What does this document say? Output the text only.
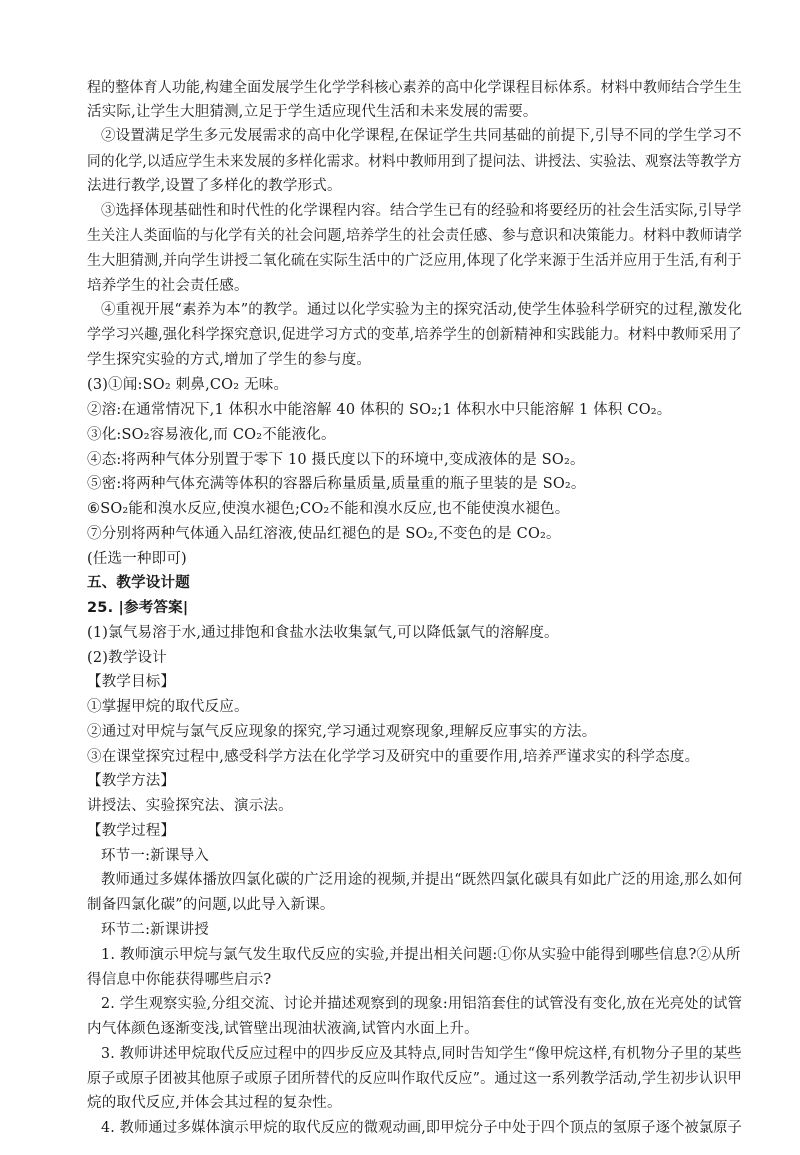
程的整体育人功能,构建全面发展学生化学学科核心素养的高中化学课程目标体系。材料中教师结合学生生
活实际,让学生大胆猜测,立足于学生适应现代生活和未来发展的需要。
②设置满足学生多元发展需求的高中化学课程,在保证学生共同基础的前提下,引导不同的学生学习不
同的化学,以适应学生未来发展的多样化需求。材料中教师用到了提问法、讲授法、实验法、观察法等教学方
法进行教学,设置了多样化的教学形式。
③选择体现基础性和时代性的化学课程内容。结合学生已有的经验和将要经历的社会生活实际,引导学
生关注人类面临的与化学有关的社会问题,培养学生的社会责任感、参与意识和决策能力。材料中教师请学
生大胆猜测,并向学生讲授二氧化硫在实际生活中的广泛应用,体现了化学来源于生活并应用于生活,有利于
培养学生的社会责任感。
④重视开展“素养为本”的教学。通过以化学实验为主的探究活动,使学生体验科学研究的过程,激发化
学学习兴趣,强化科学探究意识,促进学习方式的变革,培养学生的创新精神和实践能力。材料中教师采用了
学生探究实验的方式,增加了学生的参与度。
(3)①闻:SO₂ 刺鼻,CO₂ 无味。
②溶:在通常情况下,1 体积水中能溶解 40 体积的 SO₂;1 体积水中只能溶解 1 体积 CO₂。
③化:SO₂容易液化,而 CO₂不能液化。
④态:将两种气体分别置于零下 10 摄氏度以下的环境中,变成液体的是 SO₂。
⑤密:将两种气体充满等体积的容器后称量质量,质量重的瓶子里装的是 SO₂。
⑥SO₂能和溴水反应,使溴水褪色;CO₂不能和溴水反应,也不能使溴水褪色。
⑦分别将两种气体通入品红溶液,使品红褪色的是 SO₂,不变色的是 CO₂。
(任选一种即可)
五、教学设计题
25. |参考答案|
(1)氯气易溶于水,通过排饱和食盐水法收集氯气,可以降低氯气的溶解度。
(2)教学设计
【教学目标】
①掌握甲烷的取代反应。
②通过对甲烷与氯气反应现象的探究,学习通过观察现象,理解反应事实的方法。
③在课堂探究过程中,感受科学方法在化学学习及研究中的重要作用,培养严谨求实的科学态度。
【教学方法】
讲授法、实验探究法、演示法。
【教学过程】
环节一:新课导入
教师通过多媒体播放四氯化碳的广泛用途的视频,并提出“既然四氯化碳具有如此广泛的用途,那么如何
制备四氯化碳”的问题,以此导入新课。
环节二:新课讲授
1. 教师演示甲烷与氯气发生取代反应的实验,并提出相关问题:①你从实验中能得到哪些信息?②从所
得信息中你能获得哪些启示?
2. 学生观察实验,分组交流、讨论并描述观察到的现象:用铝箔套住的试管没有变化,放在光亮处的试管
内气体颜色逐渐变浅,试管壁出现油状液滴,试管内水面上升。
3. 教师讲述甲烷取代反应过程中的四步反应及其特点,同时告知学生“像甲烷这样,有机物分子里的某些
原子或原子团被其他原子或原子团所替代的反应叫作取代反应”。通过这一系列教学活动,学生初步认识甲
烷的取代反应,并体会其过程的复杂性。
4. 教师通过多媒体演示甲烷的取代反应的微观动画,即甲烷分子中处于四个顶点的氢原子逐个被氯原子
